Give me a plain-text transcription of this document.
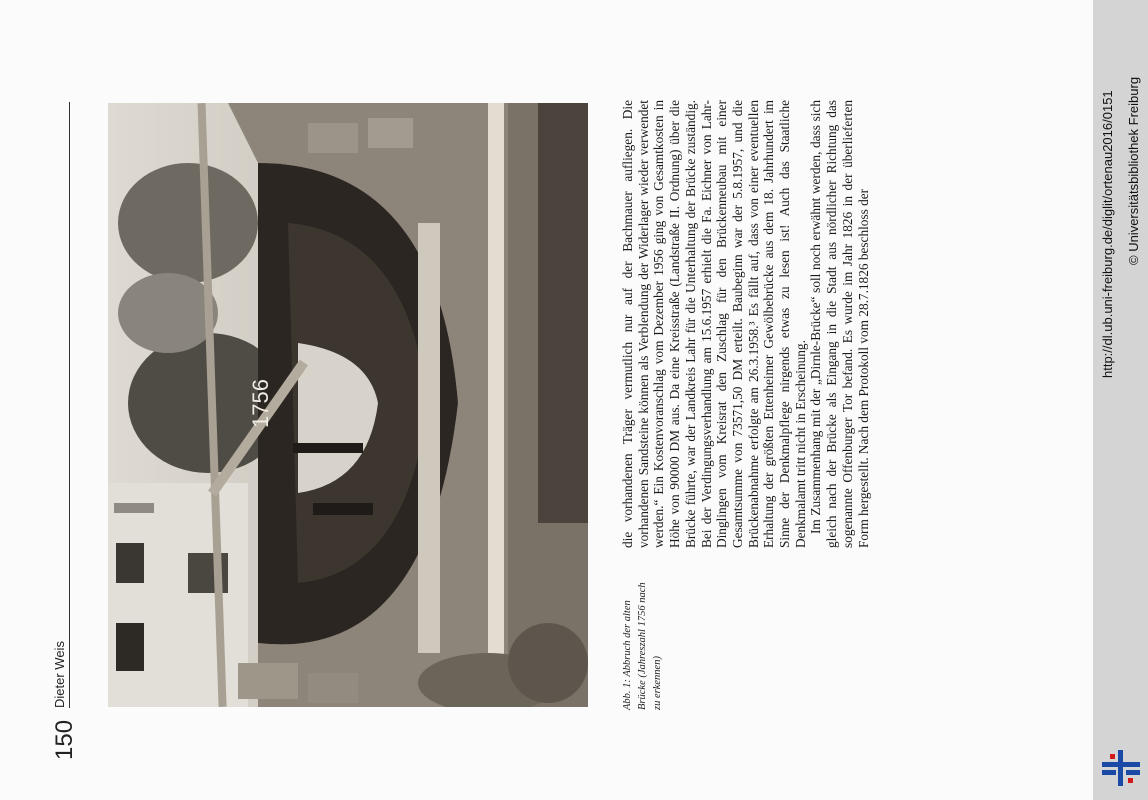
150
Dieter Weis
1756
Abb. 1: Abbruch der alten Brücke (Jahreszahl 1756 nach zu erkennen)

die vorhandenen Träger vermutlich nur auf der Bachmauer aufliegen. Die vorhandenen Sandsteine können als Verblendung der Widerlager wieder verwendet werden.“ Ein Kostenvoranschlag vom Dezember 1956 ging von Gesamtkosten in Höhe von 90000 DM aus. Da eine Kreisstraße (Landstraße II. Ordnung) über die Brücke führte, war der Landkreis Lahr für die Unterhaltung der Brücke zuständig. Bei der Verdingungsverhandlung am 15.6.1957 erhielt die Fa. Eichner von Lahr-Dinglingen vom Kreisrat den Zuschlag für den Brückenneubau mit einer Gesamtsumme von 73571,50 DM erteilt. Baubeginn war der 5.8.1957, und die Brückenabnahme erfolgte am 26.3.1958.³ Es fällt auf, dass von einer eventuellen Erhaltung der größten Ettenheimer Gewölbebrücke aus dem 18. Jahrhundert im Sinne der Denkmalpflege nirgends etwas zu lesen ist! Auch das Staatliche Denkmalamt tritt nicht in Erscheinung. Im Zusammenhang mit der „Dirnle-Brücke“ soll noch erwähnt werden, dass sich gleich nach der Brücke als Eingang in die Stadt aus nördlicher Richtung das sogenannte Offenburger Tor befand. Es wurde im Jahr 1826 in der überlieferten Form hergestellt. Nach dem Protokoll vom 28.7.1826 beschloss der	http://dl.ub.uni-freiburg.de/diglit/ortenau2016/0151 © Universitätsbibliothek Freiburg
